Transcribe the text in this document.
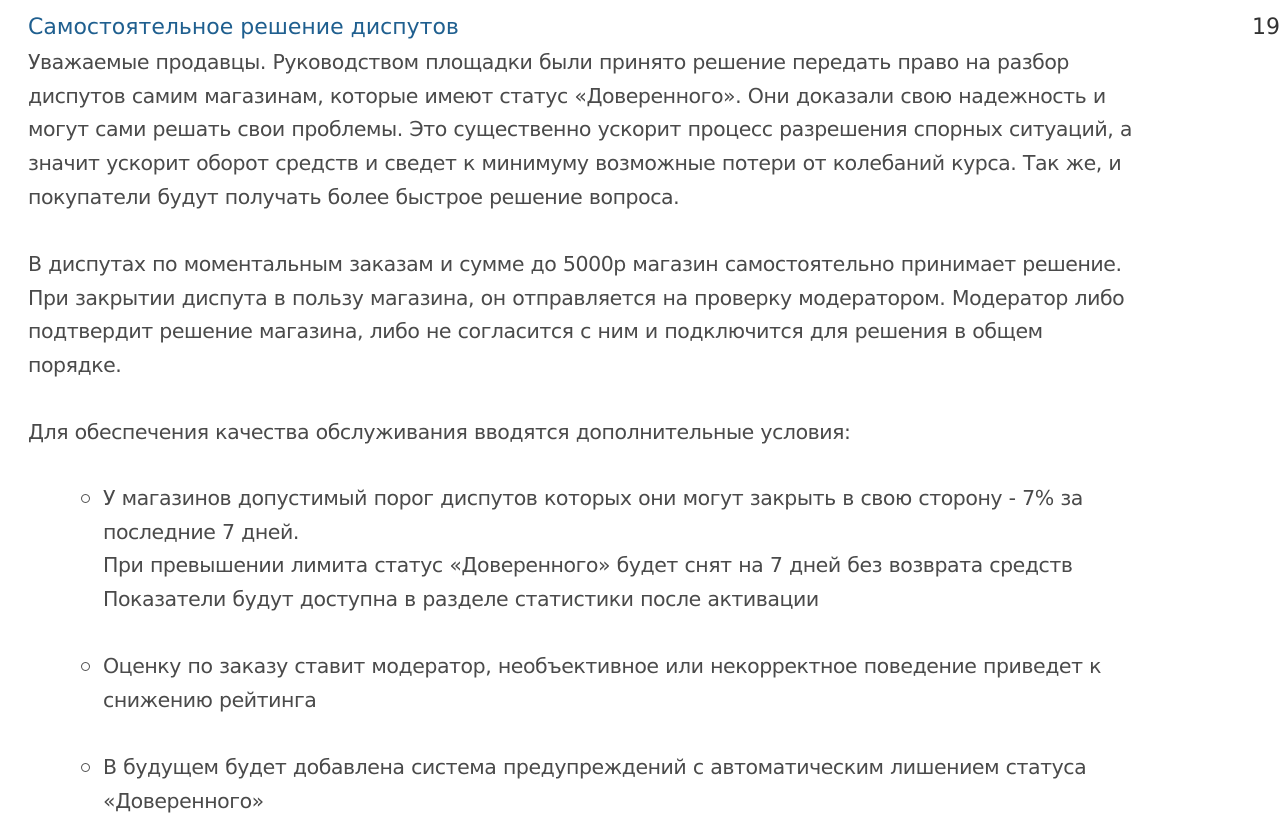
Самостоятельное решение диспутов	19
Уважаемые продавцы. Руководством площадки были принято решение передать право на разбор
диспутов самим магазинам, которые имеют статус «Доверенного». Они доказали свою надежность и
могут сами решать свои проблемы. Это существенно ускорит процесс разрешения спорных ситуаций, а
значит ускорит оборот средств и сведет к минимуму возможные потери от колебаний курса. Так же, и
покупатели будут получать более быстрое решение вопроса.
В диспутах по моментальным заказам и сумме до 5000р магазин самостоятельно принимает решение.
При закрытии диспута в пользу магазина, он отправляется на проверку модератором. Модератор либо
подтвердит решение магазина, либо не согласится с ним и подключится для решения в общем
порядке.
Для обеспечения качества обслуживания вводятся дополнительные условия:
У магазинов допустимый порог диспутов которых они могут закрыть в свою сторону - 7% за
последние 7 дней.
При превышении лимита статус «Доверенного» будет снят на 7 дней без возврата средств
Показатели будут доступна в разделе статистики после активации
Оценку по заказу ставит модератор, необъективное или некорректное поведение приведет к
снижению рейтинга
В будущем будет добавлена система предупреждений с автоматическим лишением статуса
«Доверенного»
